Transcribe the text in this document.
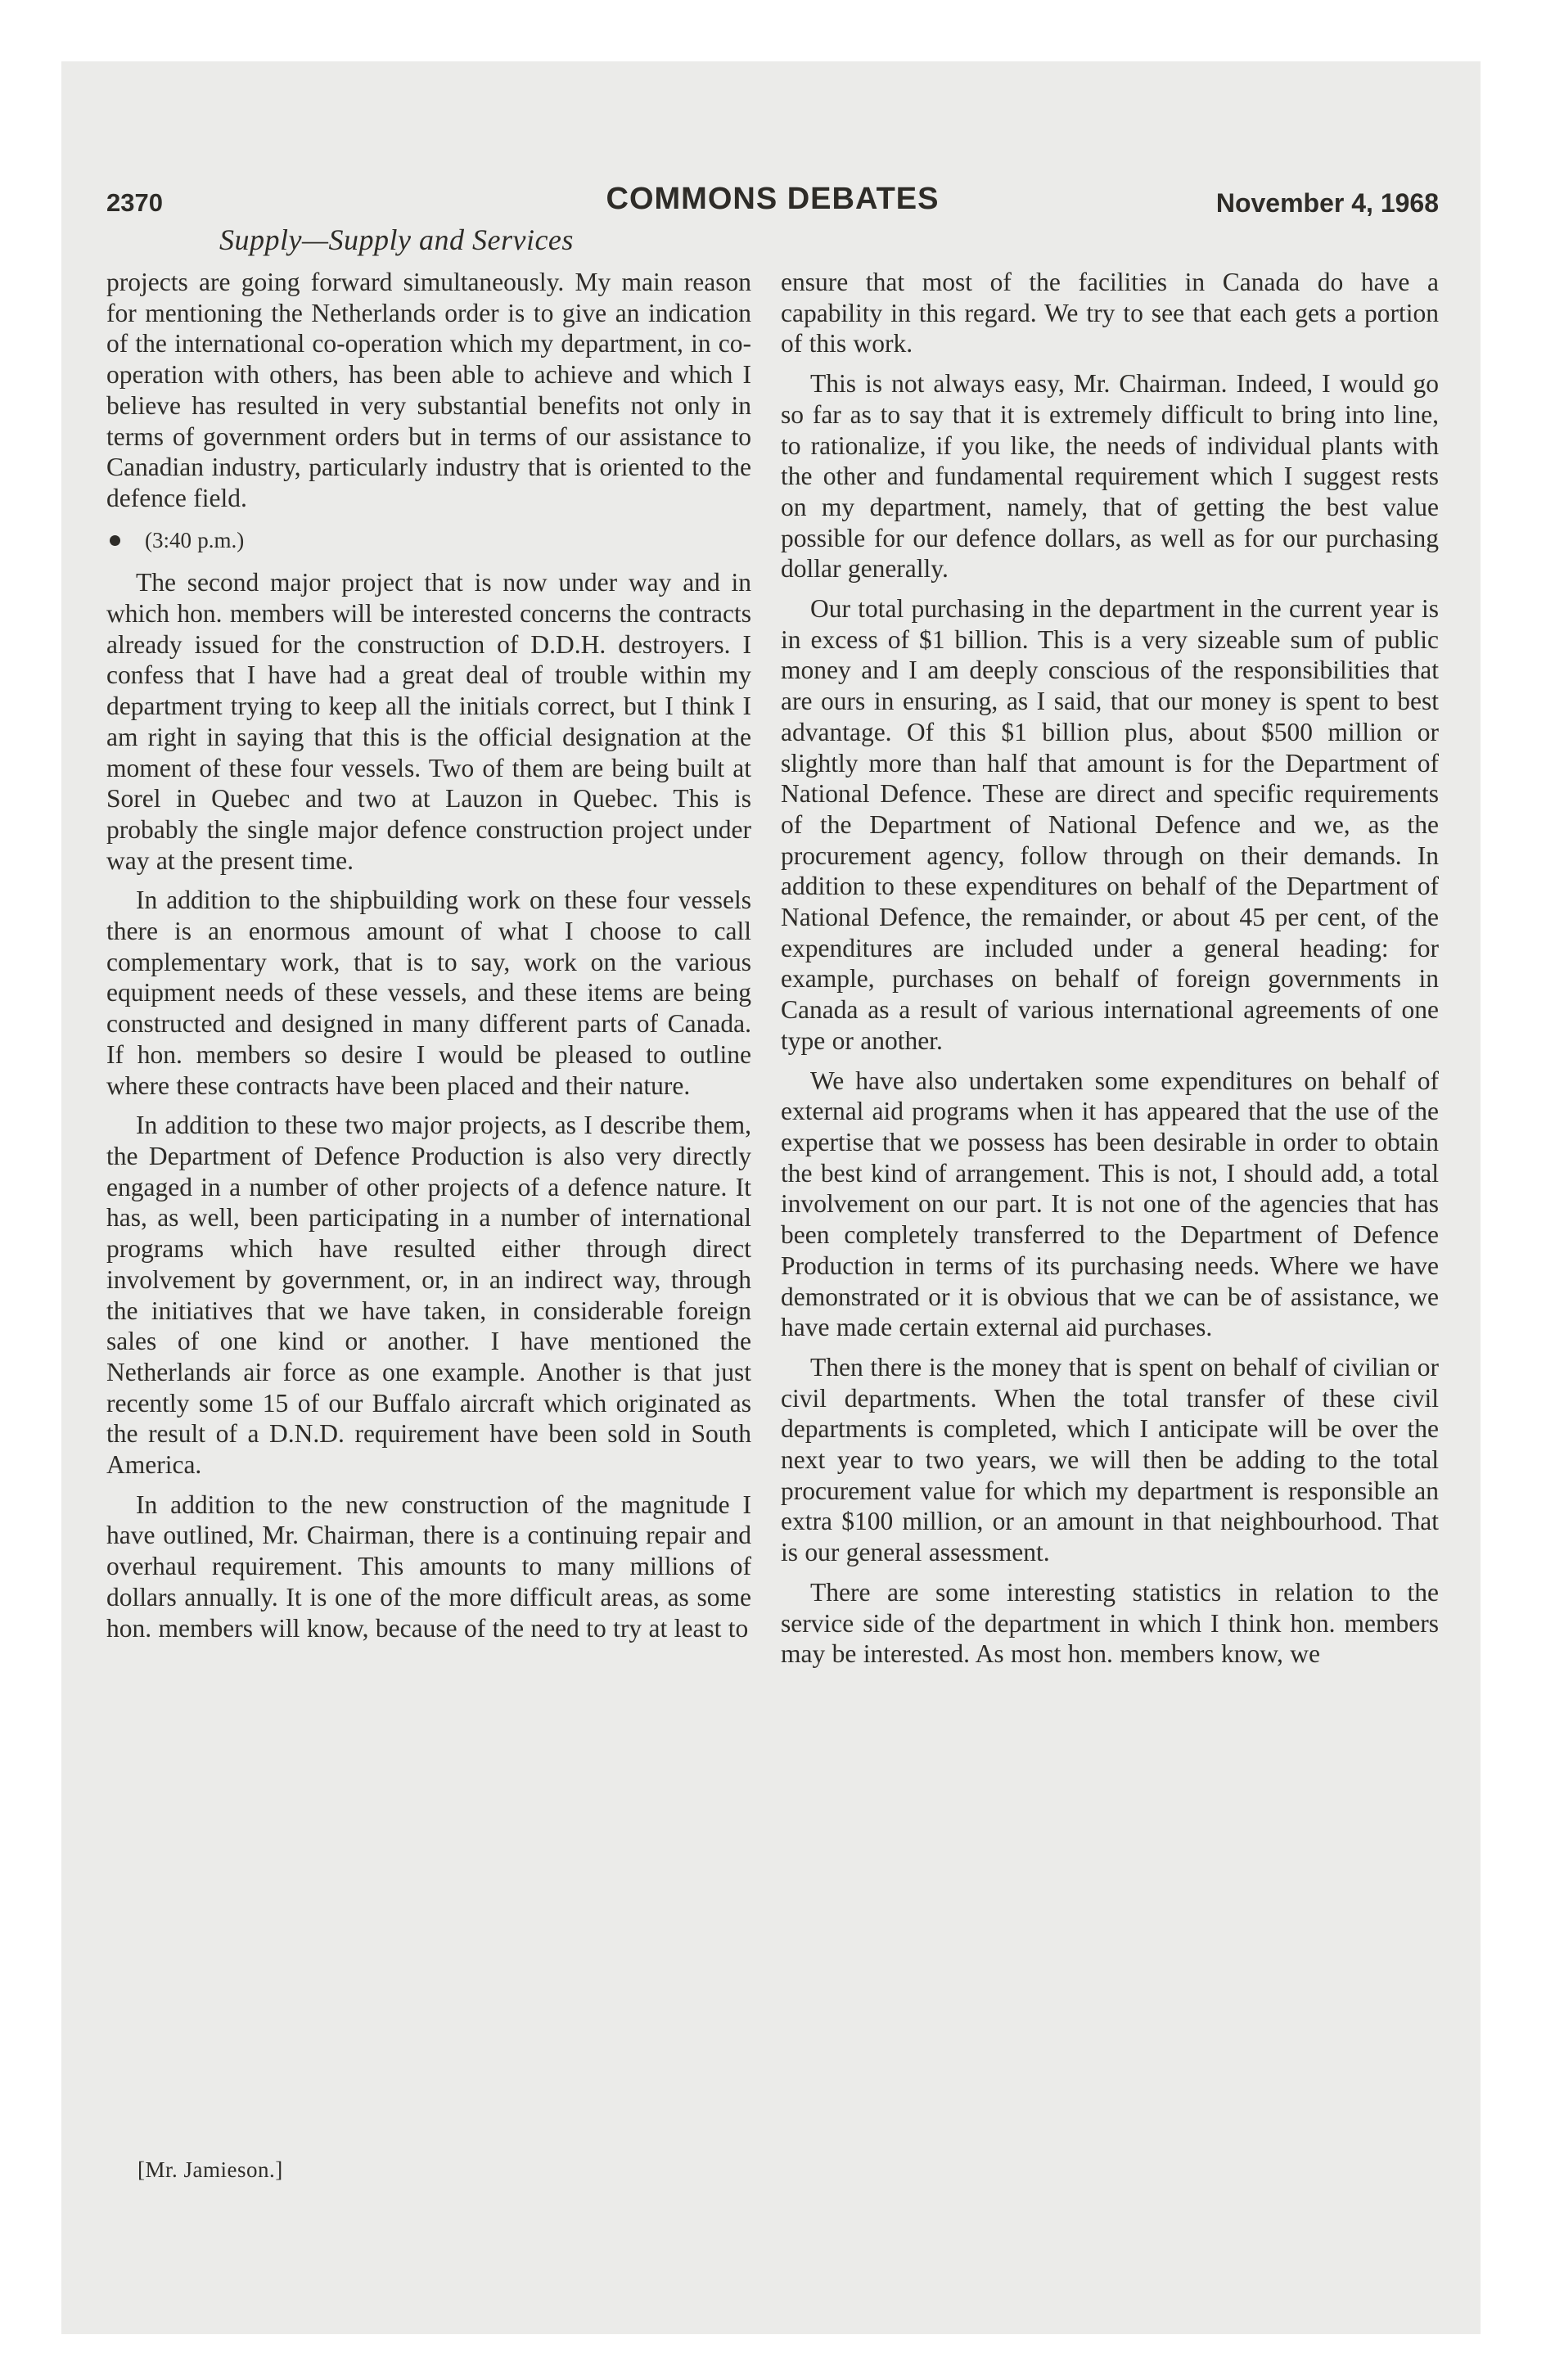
2370	COMMONS DEBATES	November 4, 1968
Supply—Supply and Services

projects are going forward simultaneously. My main reason for mentioning the Netherlands order is to give an indication of the international co-operation which my department, in co-operation with others, has been able to achieve and which I believe has resulted in very substantial benefits not only in terms of government orders but in terms of our assistance to Canadian industry, particularly industry that is oriented to the defence field.

(3:40 p.m.)

The second major project that is now under way and in which hon. members will be interested concerns the contracts already issued for the construction of D.D.H. destroyers. I confess that I have had a great deal of trouble within my department trying to keep all the initials correct, but I think I am right in saying that this is the official designation at the moment of these four vessels. Two of them are being built at Sorel in Quebec and two at Lauzon in Quebec. This is probably the single major defence construction project under way at the present time.

In addition to the shipbuilding work on these four vessels there is an enormous amount of what I choose to call complementary work, that is to say, work on the various equipment needs of these vessels, and these items are being constructed and designed in many different parts of Canada. If hon. members so desire I would be pleased to outline where these contracts have been placed and their nature.

In addition to these two major projects, as I describe them, the Department of Defence Production is also very directly engaged in a number of other projects of a defence nature. It has, as well, been participating in a number of international programs which have resulted either through direct involvement by government, or, in an indirect way, through the initiatives that we have taken, in considerable foreign sales of one kind or another. I have mentioned the Netherlands air force as one example. Another is that just recently some 15 of our Buffalo aircraft which originated as the result of a D.N.D. requirement have been sold in South America.

In addition to the new construction of the magnitude I have outlined, Mr. Chairman, there is a continuing repair and overhaul requirement. This amounts to many millions of dollars annually. It is one of the more difficult areas, as some hon. members will know, because of the need to try at least to

ensure that most of the facilities in Canada do have a capability in this regard. We try to see that each gets a portion of this work.

This is not always easy, Mr. Chairman. Indeed, I would go so far as to say that it is extremely difficult to bring into line, to rationalize, if you like, the needs of individual plants with the other and fundamental requirement which I suggest rests on my department, namely, that of getting the best value possible for our defence dollars, as well as for our purchasing dollar generally.

Our total purchasing in the department in the current year is in excess of $1 billion. This is a very sizeable sum of public money and I am deeply conscious of the responsibilities that are ours in ensuring, as I said, that our money is spent to best advantage. Of this $1 billion plus, about $500 million or slightly more than half that amount is for the Department of National Defence. These are direct and specific requirements of the Department of National Defence and we, as the procurement agency, follow through on their demands. In addition to these expenditures on behalf of the Department of National Defence, the remainder, or about 45 per cent, of the expenditures are included under a general heading: for example, purchases on behalf of foreign governments in Canada as a result of various international agreements of one type or another.

We have also undertaken some expenditures on behalf of external aid programs when it has appeared that the use of the expertise that we possess has been desirable in order to obtain the best kind of arrangement. This is not, I should add, a total involvement on our part. It is not one of the agencies that has been completely transferred to the Department of Defence Production in terms of its purchasing needs. Where we have demonstrated or it is obvious that we can be of assistance, we have made certain external aid purchases.

Then there is the money that is spent on behalf of civilian or civil departments. When the total transfer of these civil departments is completed, which I anticipate will be over the next year to two years, we will then be adding to the total procurement value for which my department is responsible an extra $100 million, or an amount in that neighbourhood. That is our general assessment.

There are some interesting statistics in relation to the service side of the department in which I think hon. members may be interested. As most hon. members know, we

[Mr. Jamieson.]
